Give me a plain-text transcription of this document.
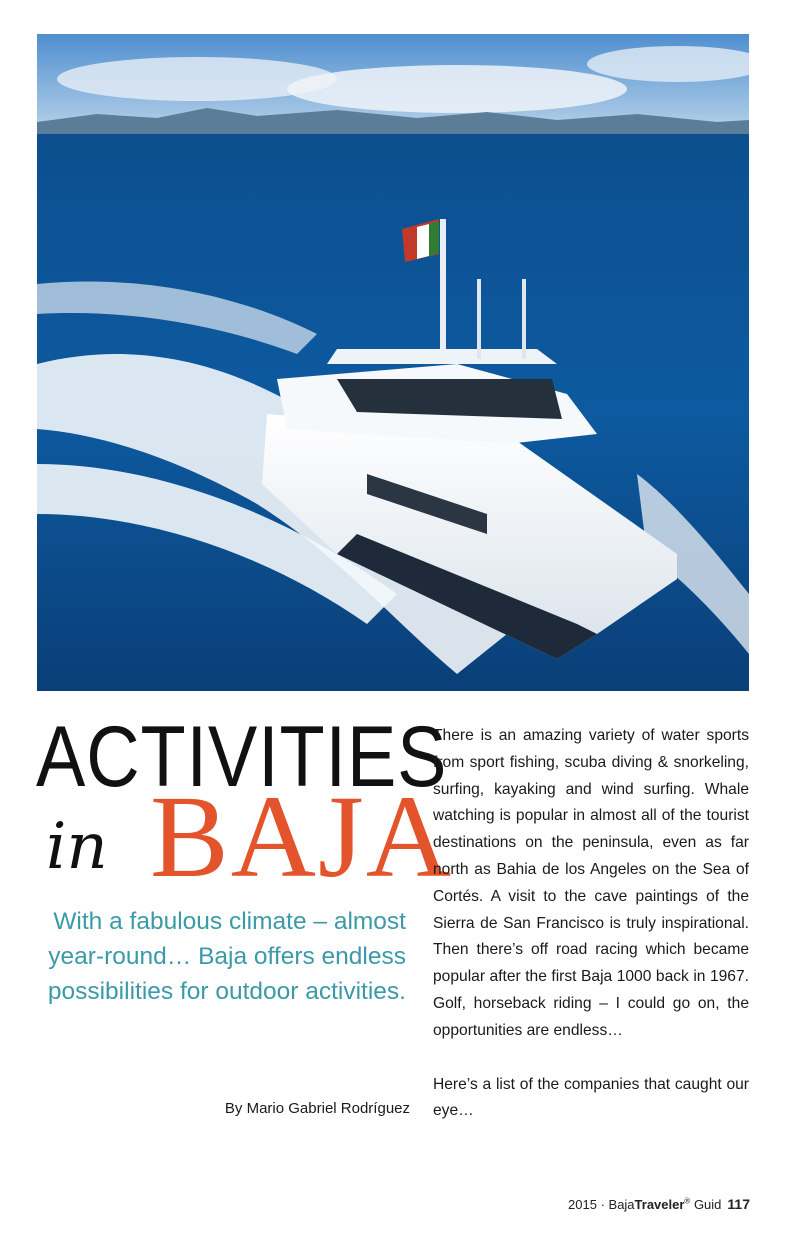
ACTIVITIES
in BAJA
With a fabulous climate – almost year-round… Baja offers endless possibilities for outdoor activities.
By Mario Gabriel Rodríguez

There is an amazing variety of water sports from sport fishing, scuba diving & snorkeling, surfing, kayaking and wind surfing. Whale watching is popular in almost all of the tourist destinations on the peninsula, even as far north as Bahia de los Angeles on the Sea of Cortés. A visit to the cave paintings of the Sierra de San Francisco is truly inspirational. Then there’s off road racing which became popular after the first Baja 1000 back in 1967. Golf, horseback riding – I could go on, the opportunities are endless…

Here’s a list of the companies that caught our eye…

2015 · BajaTraveler® Guid 117
